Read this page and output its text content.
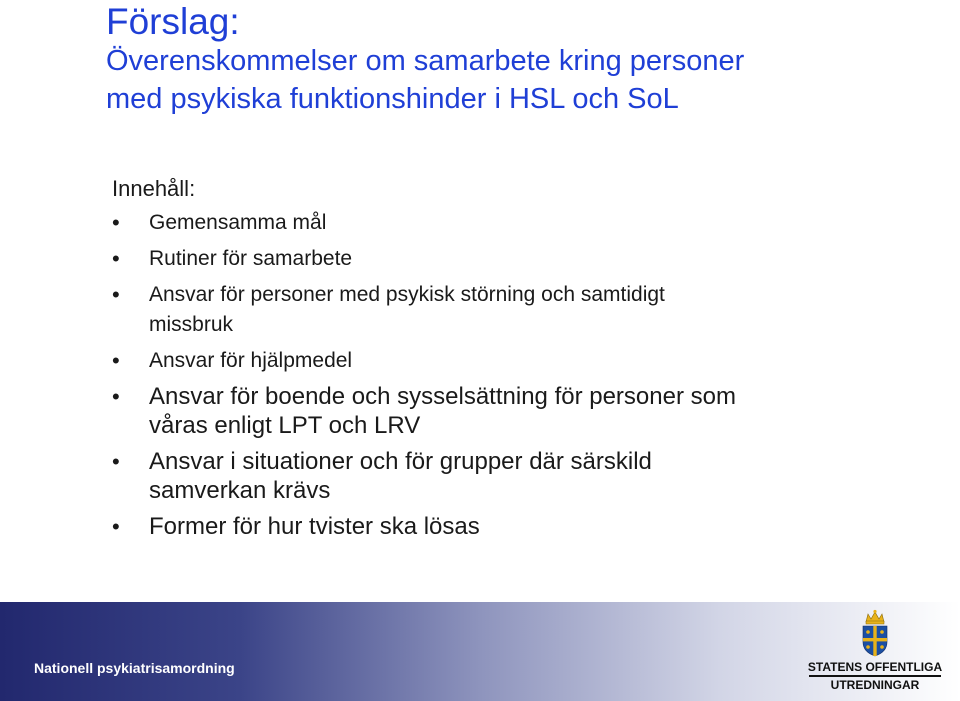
Förslag:
Överenskommelser om samarbete kring personer
med psykiska funktionshinder i HSL och SoL
Innehåll:
• Gemensamma mål
• Rutiner för samarbete
• Ansvar för personer med psykisk störning och samtidigt
missbruk
• Ansvar för hjälpmedel
• Ansvar för boende och sysselsättning för personer som
våras enligt LPT och LRV
• Ansvar i situationer och för grupper där särskild
samverkan krävs
• Former för hur tvister ska lösas
Nationell psykiatrisamordning	STATENS OFFENTLIGA
UTREDNINGAR
